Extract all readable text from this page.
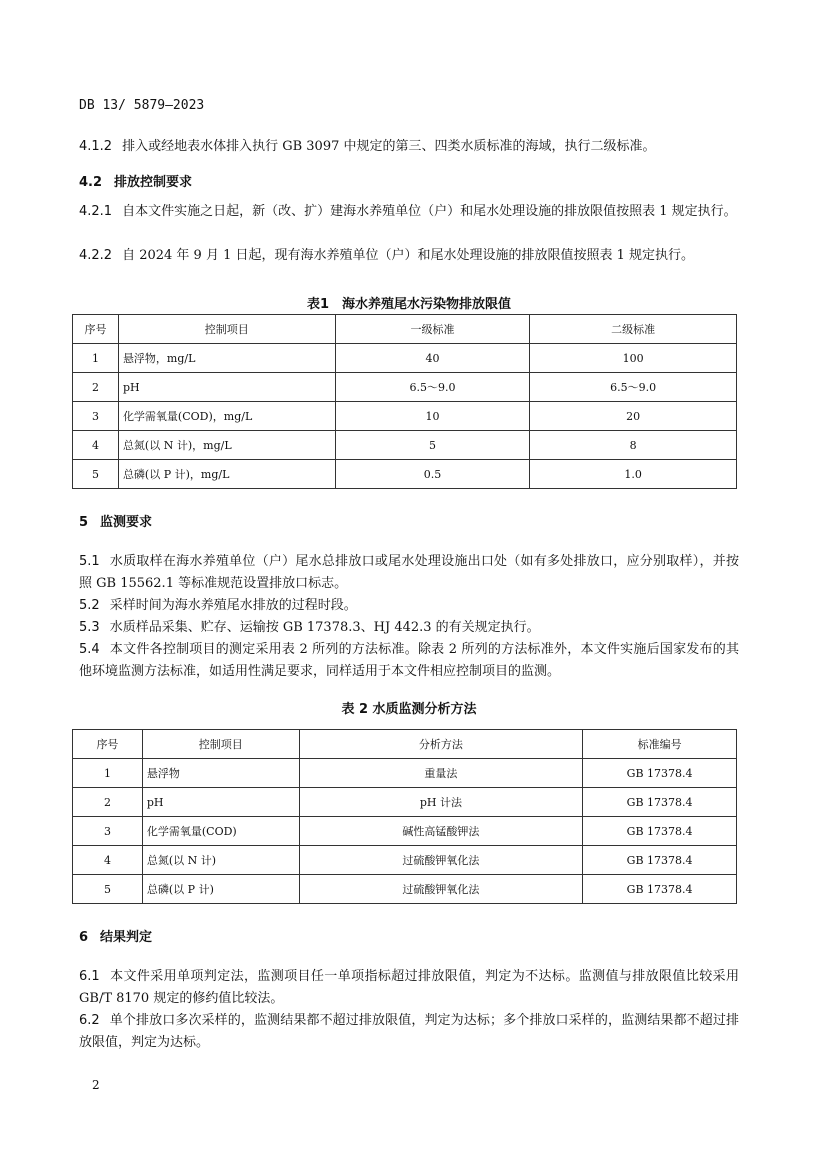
DB 13/ 5879—2023
4.1.2 排入或经地表水体排入执行 GB 3097 中规定的第三、四类水质标准的海域，执行二级标准。
4.2 排放控制要求
4.2.1 自本文件实施之日起，新（改、扩）建海水养殖单位（户）和尾水处理设施的排放限值按照表 1 规定执行。
4.2.2 自 2024 年 9 月 1 日起，现有海水养殖单位（户）和尾水处理设施的排放限值按照表 1 规定执行。
表1　海水养殖尾水污染物排放限值
序号	控制项目	一级标准	二级标准
1	悬浮物，mg/L	40	100
2	pH	6.5～9.0	6.5～9.0
3	化学需氧量(COD)，mg/L	10	20
4	总氮(以 N 计)，mg/L	5	8
5	总磷(以 P 计)，mg/L	0.5	1.0
5 监测要求
5.1 水质取样在海水养殖单位（户）尾水总排放口或尾水处理设施出口处（如有多处排放口，应分别取样），并按照 GB 15562.1 等标准规范设置排放口标志。
5.2 采样时间为海水养殖尾水排放的过程时段。
5.3 水质样品采集、贮存、运输按 GB 17378.3、HJ 442.3 的有关规定执行。
5.4 本文件各控制项目的测定采用表 2 所列的方法标准。除表 2 所列的方法标准外，本文件实施后国家发布的其他环境监测方法标准，如适用性满足要求，同样适用于本文件相应控制项目的监测。
表 2 水质监测分析方法
序号	控制项目	分析方法	标准编号
1	悬浮物	重量法	GB 17378.4
2	pH	pH 计法	GB 17378.4
3	化学需氧量(COD)	碱性高锰酸钾法	GB 17378.4
4	总氮(以 N 计)	过硫酸钾氧化法	GB 17378.4
5	总磷(以 P 计)	过硫酸钾氧化法	GB 17378.4
6 结果判定
6.1 本文件采用单项判定法，监测项目任一单项指标超过排放限值，判定为不达标。监测值与排放限值比较采用 GB/T 8170 规定的修约值比较法。
6.2 单个排放口多次采样的，监测结果都不超过排放限值，判定为达标；多个排放口采样的，监测结果都不超过排放限值，判定为达标。
2
